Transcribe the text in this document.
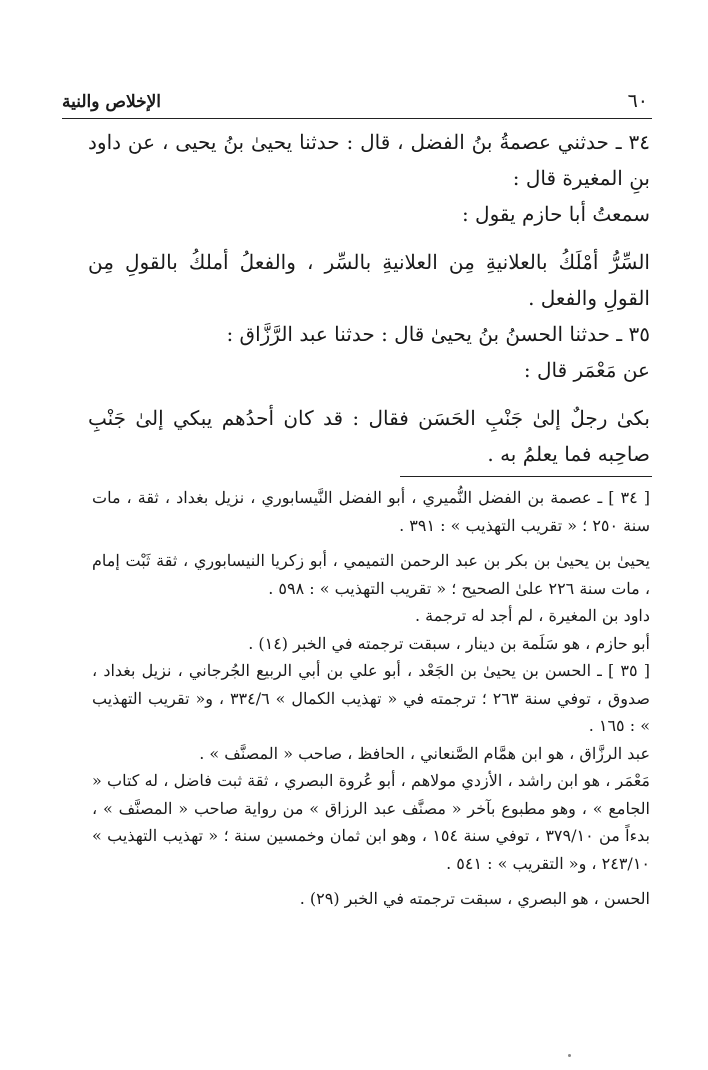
الإخلاص والنية	٦٠

٣٤ ـ حدثني عصمةُ بنُ الفضل ، قال : حدثنا يحيىٰ بنُ يحيى ، عن داود بنِ المغيرة قال :

سمعتُ أبا حازم يقول :

السِّرُّ أمْلَكُ بالعلانيةِ مِن العلانيةِ بالسِّر ، والفعلُ أملكُ بالقولِ مِن القولِ والفعل .

٣٥ ـ حدثنا الحسنُ بنُ يحيىٰ قال : حدثنا عبد الرَّزَّاق :

عن مَعْمَر قال :

بكىٰ رجلٌ إلىٰ جَنْبِ الحَسَن فقال : قد كان أحدُهم يبكي إلىٰ جَنْبِ صاحِبه فما يعلمُ به .

[ ٣٤ ] ـ عصمة بن الفضل النُّميري ، أبو الفضل النَّيسابوري ، نزيل بغداد ، ثقة ، مات سنة ٢٥٠ ؛ « تقريب التهذيب » : ٣٩١ .

يحيىٰ بن يحيىٰ بن بكر بن عبد الرحمن التميمي ، أبو زكريا النيسابوري ، ثقة ثَبْت إمام ، مات سنة ٢٢٦ علىٰ الصحيح ؛ « تقريب التهذيب » : ٥٩٨ .

داود بن المغيرة ، لم أجد له ترجمة .

أبو حازم ، هو سَلَمة بن دينار ، سبقت ترجمته في الخبر (١٤) .

[ ٣٥ ] ـ الحسن بن يحيىٰ بن الجَعْد ، أبو علي بن أبي الربيع الجُرجاني ، نزيل بغداد ، صدوق ، توفي سنة ٢٦٣ ؛ ترجمته في « تهذيب الكمال » ٣٣٤/٦ ، و« تقريب التهذيب » : ١٦٥ .

عبد الرزَّاق ، هو ابن همَّام الصَّنعاني ، الحافظ ، صاحب « المصنَّف » .

مَعْمَر ، هو ابن راشد ، الأزدي مولاهم ، أبو عُروة البصري ، ثقة ثبت فاضل ، له كتاب « الجامع » ، وهو مطبوع بآخر « مصنَّف عبد الرزاق » من رواية صاحب « المصنَّف » ، بدءاً من ٣٧٩/١٠ ، توفي سنة ١٥٤ ، وهو ابن ثمان وخمسين سنة ؛ « تهذيب التهذيب » ٢٤٣/١٠ ، و« التقريب » : ٥٤١ .

الحسن ، هو البصري ، سبقت ترجمته في الخبر (٢٩) .
